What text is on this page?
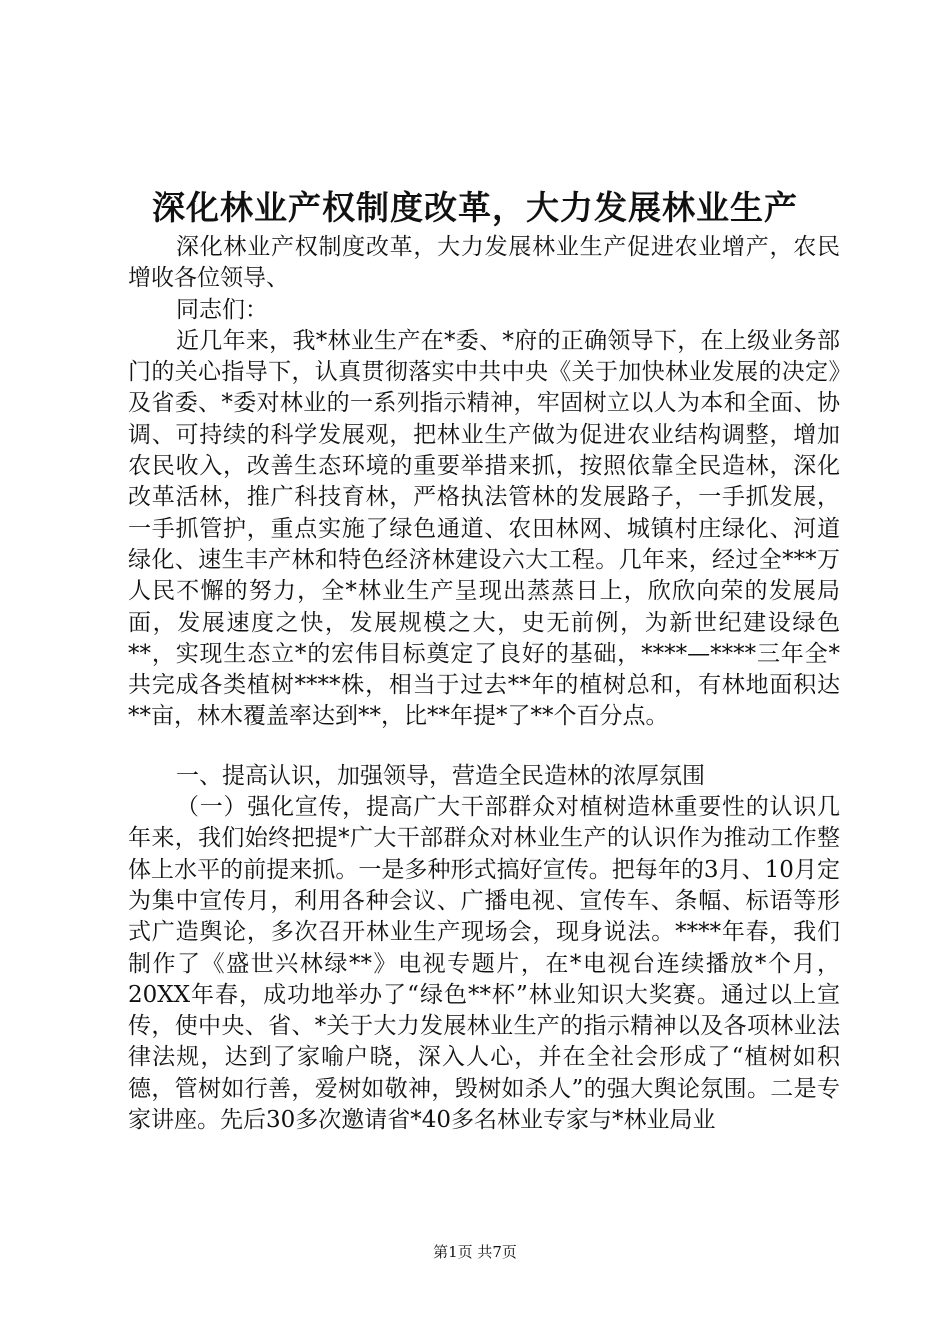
深化林业产权制度改革，大力发展林业生产

深化林业产权制度改革，大力发展林业生产促进农业增产，农民增收各位领导、

同志们：

近几年来，我*林业生产在*委、*府的正确领导下，在上级业务部门的关心指导下，认真贯彻落实中共中央《关于加快林业发展的决定》及省委、*委对林业的一系列指示精神，牢固树立以人为本和全面、协调、可持续的科学发展观，把林业生产做为促进农业结构调整，增加农民收入，改善生态环境的重要举措来抓，按照依靠全民造林，深化改革活林，推广科技育林，严格执法管林的发展路子，一手抓发展，一手抓管护，重点实施了绿色通道、农田林网、城镇村庄绿化、河道绿化、速生丰产林和特色经济林建设六大工程。几年来，经过全***万人民不懈的努力，全*林业生产呈现出蒸蒸日上，欣欣向荣的发展局面，发展速度之快，发展规模之大，史无前例，为新世纪建设绿色**，实现生态立*的宏伟目标奠定了良好的基础，****—****三年全*共完成各类植树****株，相当于过去**年的植树总和，有林地面积达**亩，林木覆盖率达到**，比**年提*了**个百分点。

一、提高认识，加强领导，营造全民造林的浓厚氛围

（一）强化宣传，提高广大干部群众对植树造林重要性的认识几年来，我们始终把提*广大干部群众对林业生产的认识作为推动工作整体上水平的前提来抓。一是多种形式搞好宣传。把每年的3月、10月定为集中宣传月，利用各种会议、广播电视、宣传车、条幅、标语等形式广造舆论，多次召开林业生产现场会，现身说法。****年春，我们制作了《盛世兴林绿**》电视专题片，在*电视台连续播放*个月，20XX年春，成功地举办了“绿色**杯”林业知识大奖赛。通过以上宣传，使中央、省、*关于大力发展林业生产的指示精神以及各项林业法律法规，达到了家喻户晓，深入人心，并在全社会形成了“植树如积德，管树如行善，爱树如敬神，毁树如杀人”的强大舆论氛围。二是专家讲座。先后30多次邀请省*40多名林业专家与*林业局业

第1页 共7页
